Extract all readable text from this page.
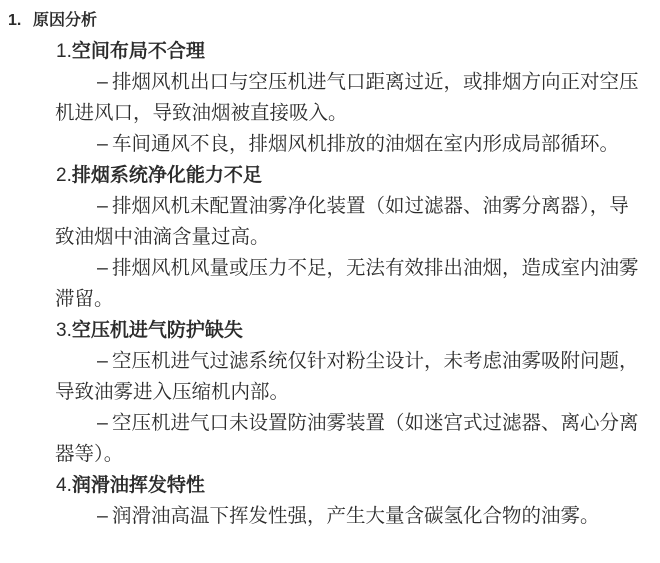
1. 原因分析
1.空间布局不合理
– 排烟风机出口与空压机进气口距离过近，或排烟方向正对空压
机进风口，导致油烟被直接吸入。
– 车间通风不良，排烟风机排放的油烟在室内形成局部循环。
2.排烟系统净化能力不足
– 排烟风机未配置油雾净化装置（如过滤器、油雾分离器），导
致油烟中油滴含量过高。
– 排烟风机风量或压力不足，无法有效排出油烟，造成室内油雾
滞留。
3.空压机进气防护缺失
– 空压机进气过滤系统仅针对粉尘设计，未考虑油雾吸附问题，
导致油雾进入压缩机内部。
– 空压机进气口未设置防油雾装置（如迷宫式过滤器、离心分离
器等）。
4.润滑油挥发特性
– 润滑油高温下挥发性强，产生大量含碳氢化合物的油雾。
